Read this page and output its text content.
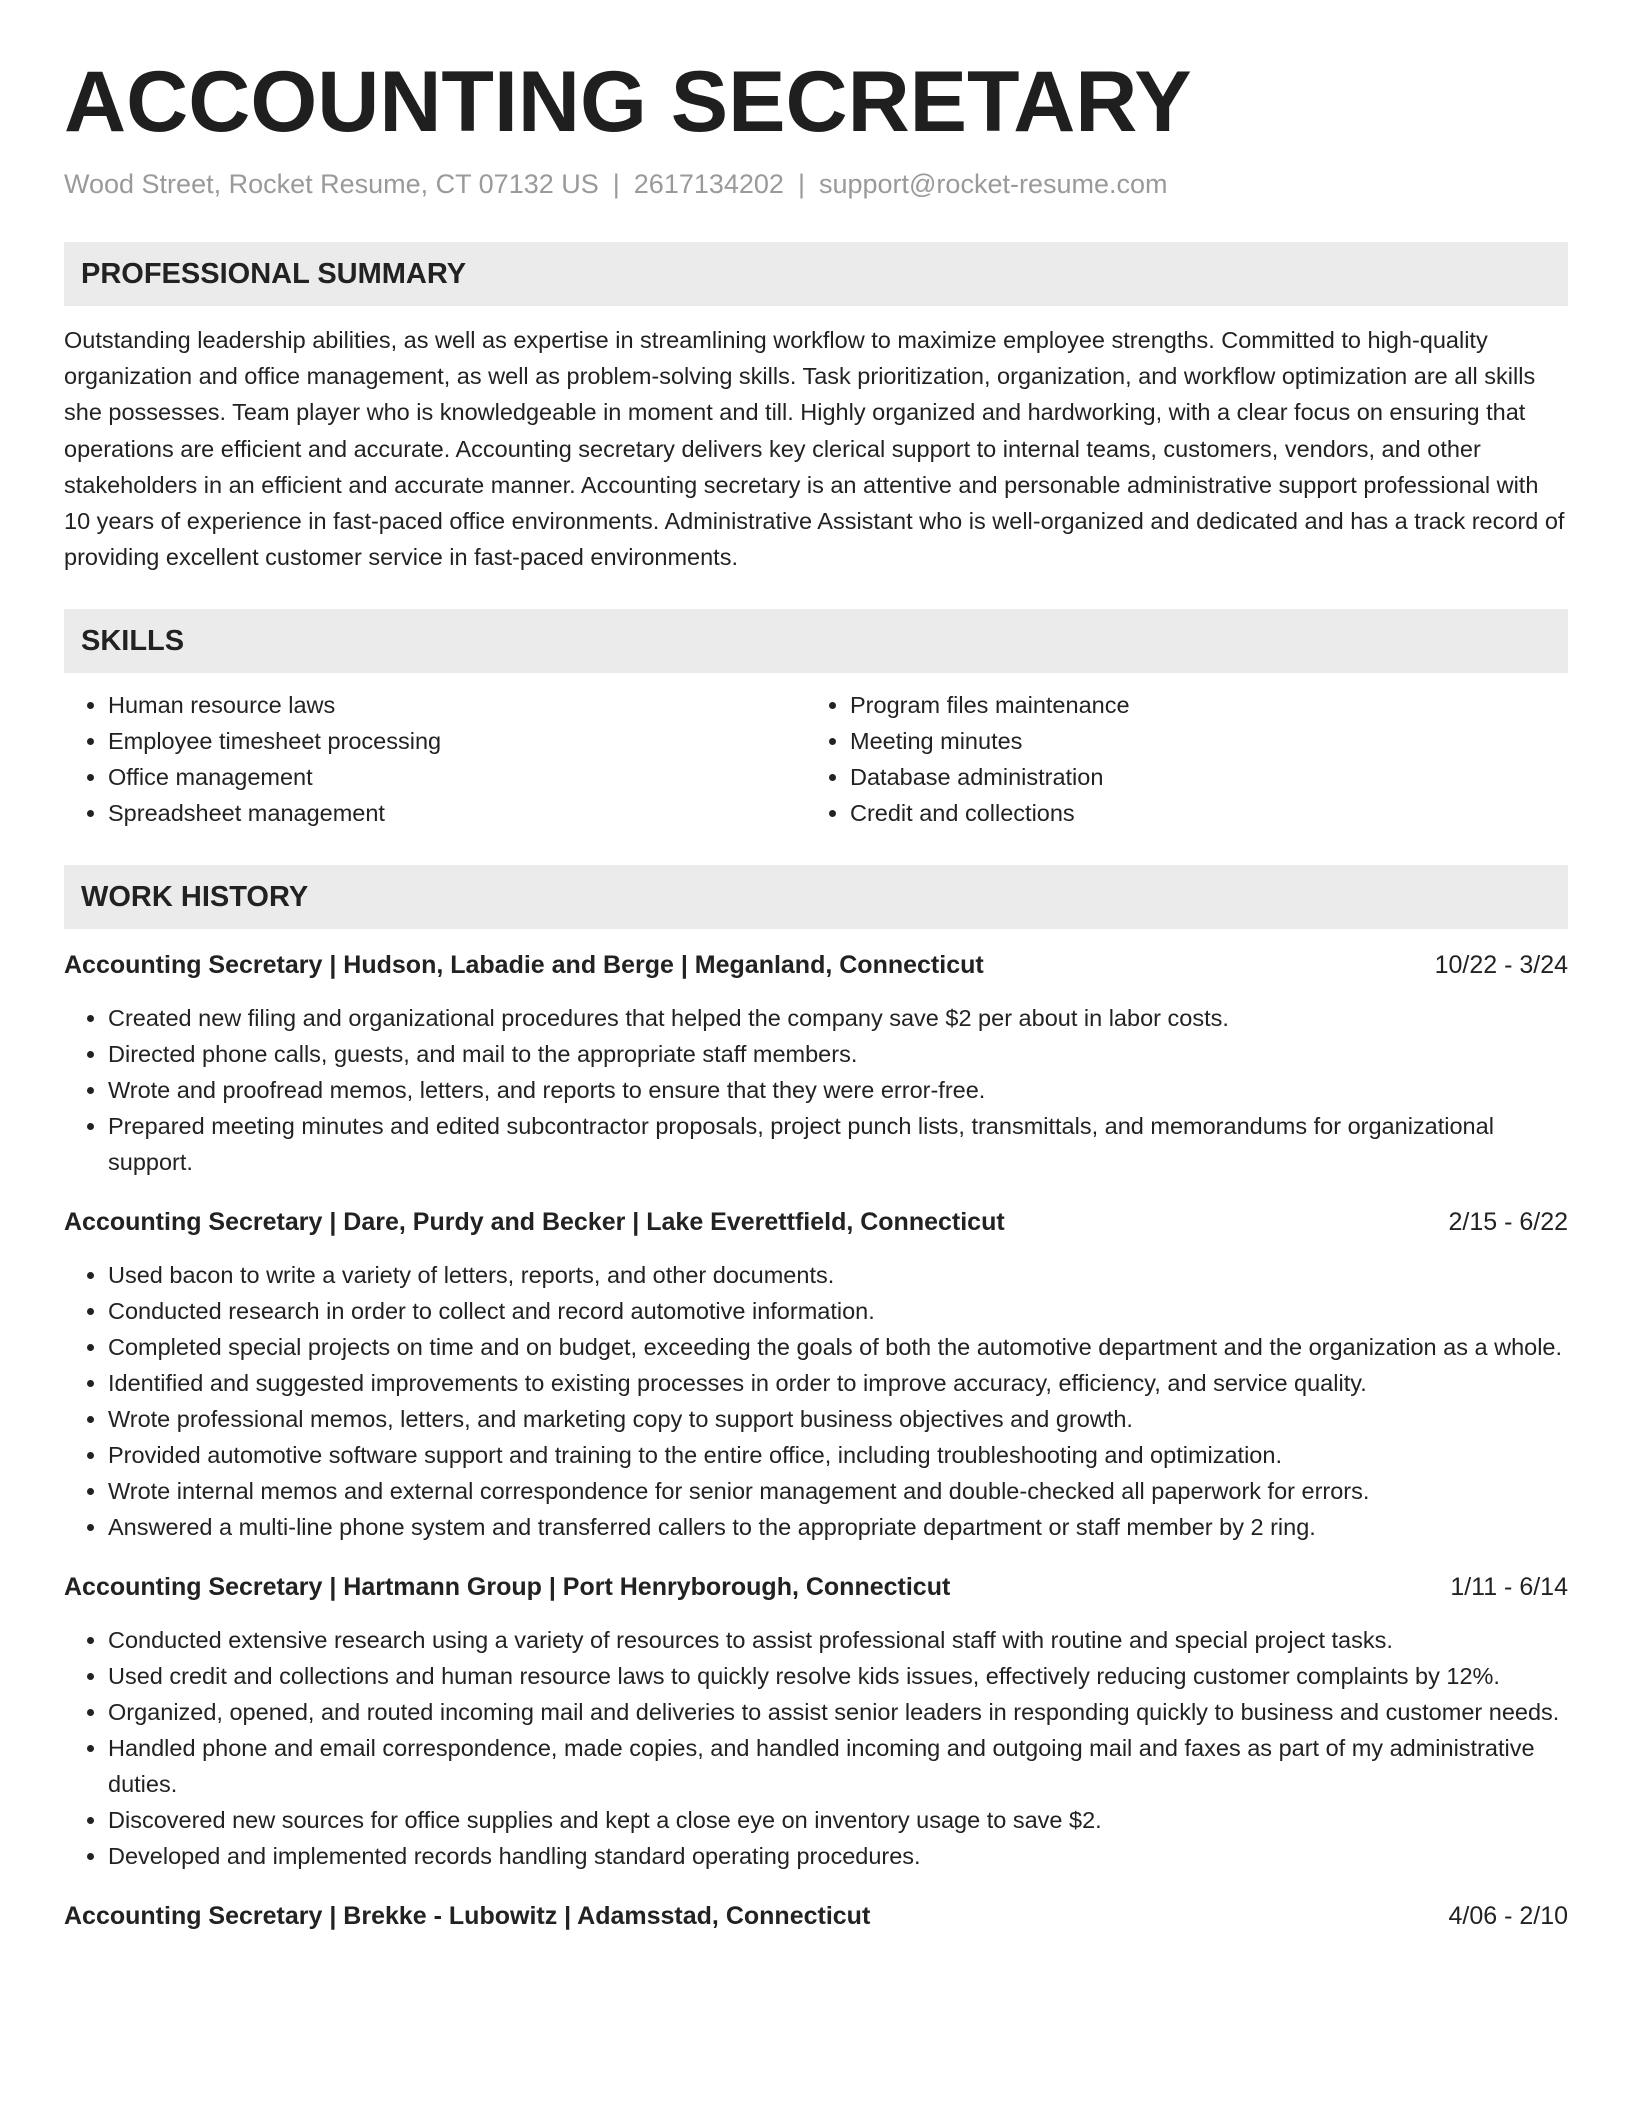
ACCOUNTING SECRETARY
Wood Street, Rocket Resume, CT 07132 US | 2617134202 | support@rocket-resume.com
PROFESSIONAL SUMMARY
Outstanding leadership abilities, as well as expertise in streamlining workflow to maximize employee strengths. Committed to high-quality organization and office management, as well as problem-solving skills. Task prioritization, organization, and workflow optimization are all skills she possesses. Team player who is knowledgeable in moment and till. Highly organized and hardworking, with a clear focus on ensuring that operations are efficient and accurate. Accounting secretary delivers key clerical support to internal teams, customers, vendors, and other stakeholders in an efficient and accurate manner. Accounting secretary is an attentive and personable administrative support professional with 10 years of experience in fast-paced office environments. Administrative Assistant who is well-organized and dedicated and has a track record of providing excellent customer service in fast-paced environments.
SKILLS
• Human resource laws
• Employee timesheet processing
• Office management
• Spreadsheet management
• Program files maintenance
• Meeting minutes
• Database administration
• Credit and collections
WORK HISTORY
Accounting Secretary | Hudson, Labadie and Berge | Meganland, Connecticut	10/22 - 3/24
• Created new filing and organizational procedures that helped the company save $2 per about in labor costs.
• Directed phone calls, guests, and mail to the appropriate staff members.
• Wrote and proofread memos, letters, and reports to ensure that they were error-free.
• Prepared meeting minutes and edited subcontractor proposals, project punch lists, transmittals, and memorandums for organizational support.
Accounting Secretary | Dare, Purdy and Becker | Lake Everettfield, Connecticut	2/15 - 6/22
• Used bacon to write a variety of letters, reports, and other documents.
• Conducted research in order to collect and record automotive information.
• Completed special projects on time and on budget, exceeding the goals of both the automotive department and the organization as a whole.
• Identified and suggested improvements to existing processes in order to improve accuracy, efficiency, and service quality.
• Wrote professional memos, letters, and marketing copy to support business objectives and growth.
• Provided automotive software support and training to the entire office, including troubleshooting and optimization.
• Wrote internal memos and external correspondence for senior management and double-checked all paperwork for errors.
• Answered a multi-line phone system and transferred callers to the appropriate department or staff member by 2 ring.
Accounting Secretary | Hartmann Group | Port Henryborough, Connecticut	1/11 - 6/14
• Conducted extensive research using a variety of resources to assist professional staff with routine and special project tasks.
• Used credit and collections and human resource laws to quickly resolve kids issues, effectively reducing customer complaints by 12%.
• Organized, opened, and routed incoming mail and deliveries to assist senior leaders in responding quickly to business and customer needs.
• Handled phone and email correspondence, made copies, and handled incoming and outgoing mail and faxes as part of my administrative duties.
• Discovered new sources for office supplies and kept a close eye on inventory usage to save $2.
• Developed and implemented records handling standard operating procedures.
Accounting Secretary | Brekke - Lubowitz | Adamsstad, Connecticut	4/06 - 2/10
